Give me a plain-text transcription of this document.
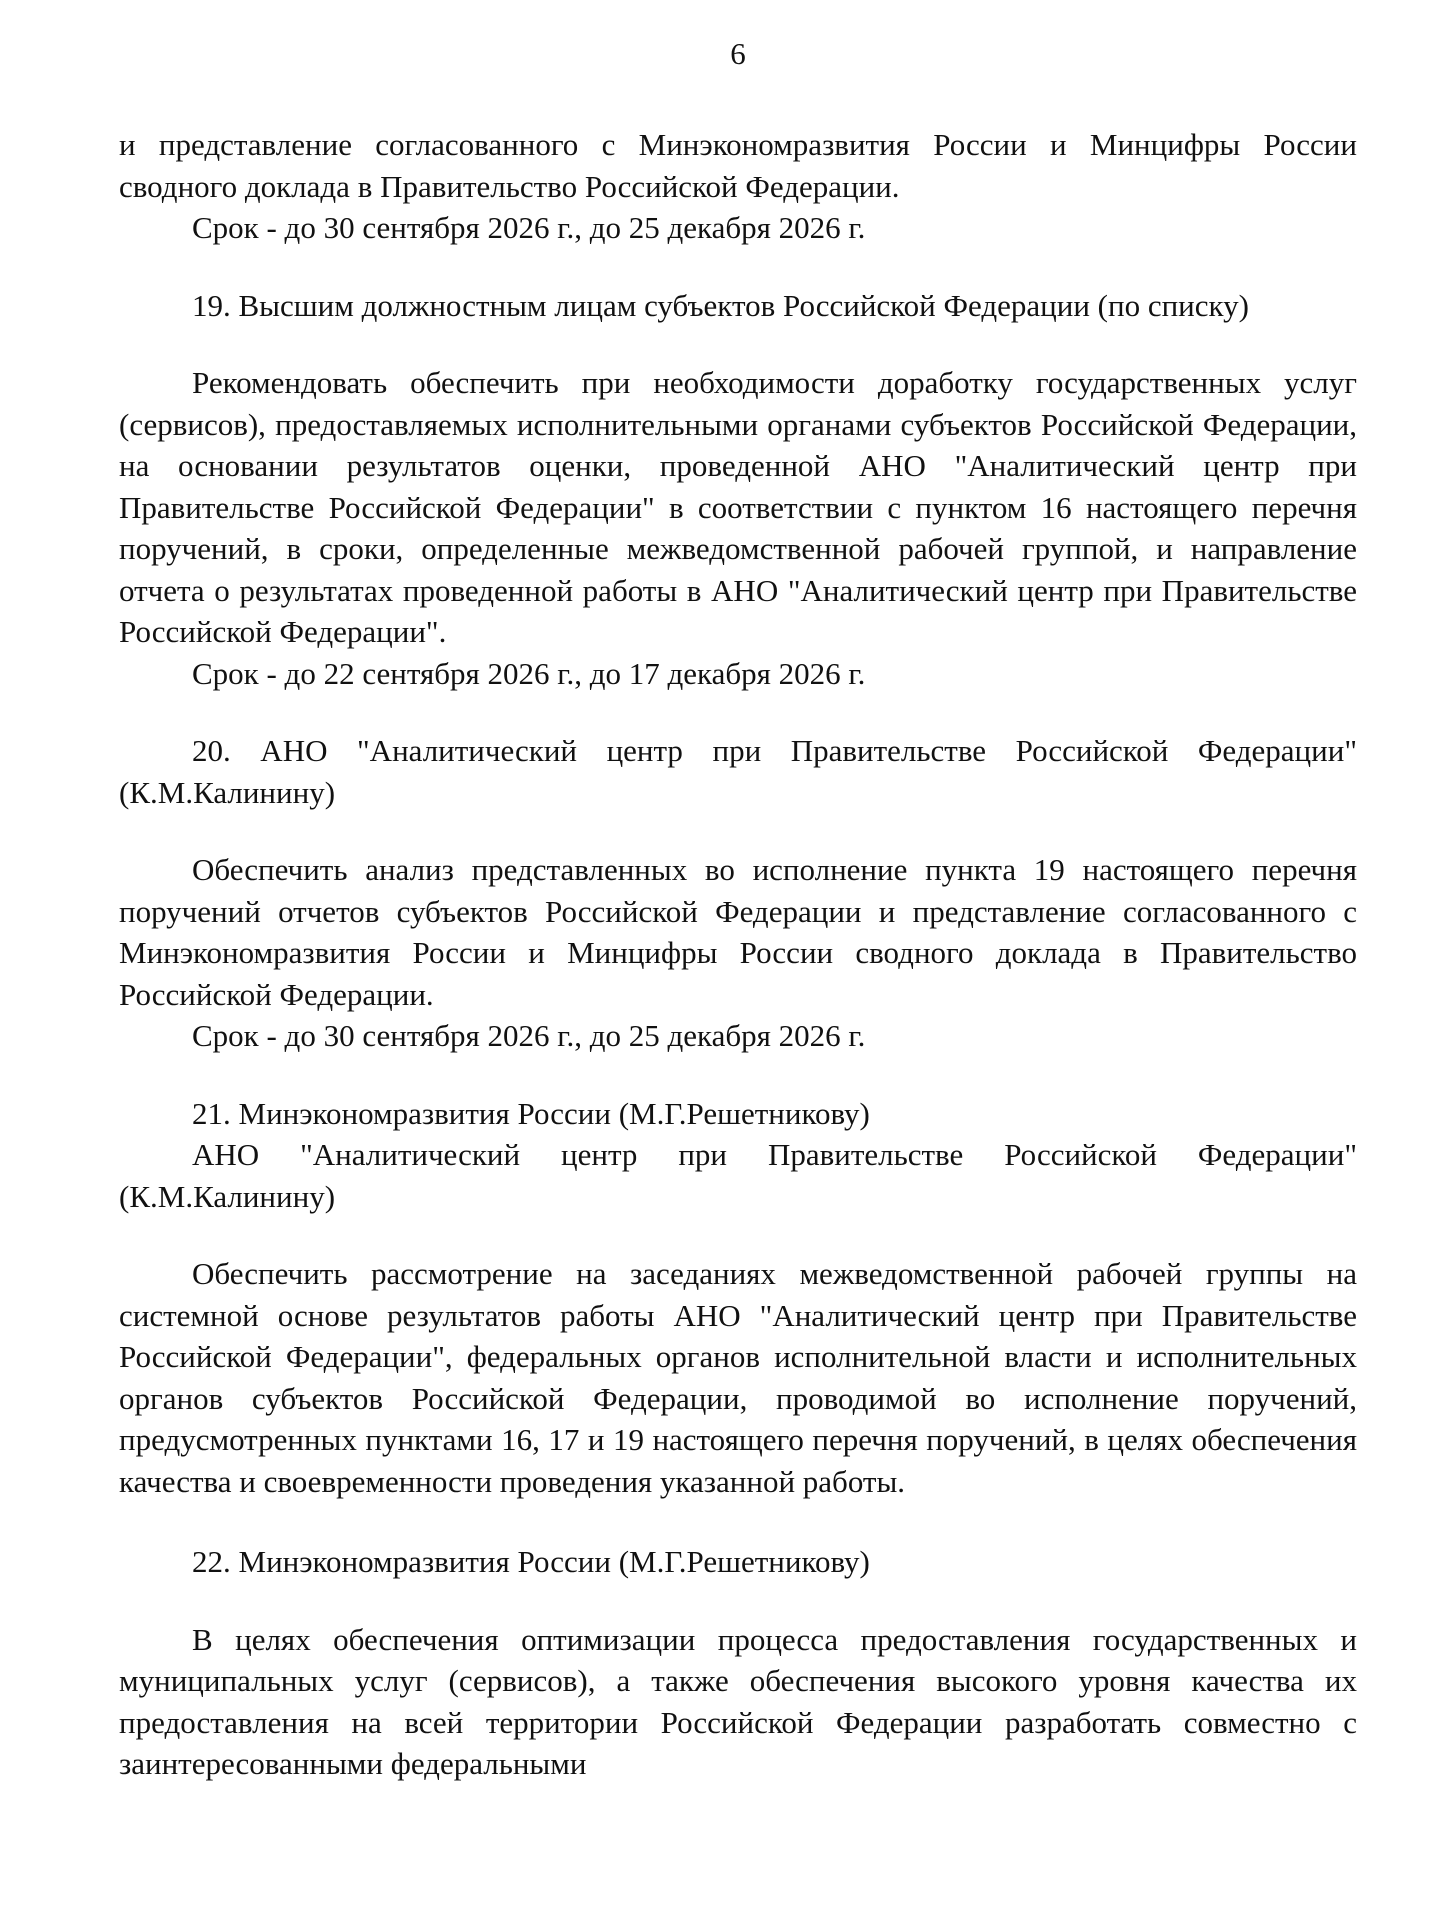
6

и представление согласованного с Минэкономразвития России и Минцифры России сводного доклада в Правительство Российской Федерации.

Срок - до 30 сентября 2026 г., до 25 декабря 2026 г.

19. Высшим должностным лицам субъектов Российской Федерации (по списку)

Рекомендовать обеспечить при необходимости доработку государственных услуг (сервисов), предоставляемых исполнительными органами субъектов Российской Федерации, на основании результатов оценки, проведенной АНО "Аналитический центр при Правительстве Российской Федерации" в соответствии с пунктом 16 настоящего перечня поручений, в сроки, определенные межведомственной рабочей группой, и направление отчета о результатах проведенной работы в АНО "Аналитический центр при Правительстве Российской Федерации".

Срок - до 22 сентября 2026 г., до 17 декабря 2026 г.

20. АНО "Аналитический центр при Правительстве Российской Федерации" (К.М.Калинину)

Обеспечить анализ представленных во исполнение пункта 19 настоящего перечня поручений отчетов субъектов Российской Федерации и представление согласованного с Минэкономразвития России и Минцифры России сводного доклада в Правительство Российской Федерации.

Срок - до 30 сентября 2026 г., до 25 декабря 2026 г.

21. Минэкономразвития России (М.Г.Решетникову)

АНО "Аналитический центр при Правительстве Российской Федерации" (К.М.Калинину)

Обеспечить рассмотрение на заседаниях межведомственной рабочей группы на системной основе результатов работы АНО "Аналитический центр при Правительстве Российской Федерации", федеральных органов исполнительной власти и исполнительных органов субъектов Российской Федерации, проводимой во исполнение поручений, предусмотренных пунктами 16, 17 и 19 настоящего перечня поручений, в целях обеспечения качества и своевременности проведения указанной работы.

22. Минэкономразвития России (М.Г.Решетникову)

В целях обеспечения оптимизации процесса предоставления государственных и муниципальных услуг (сервисов), а также обеспечения высокого уровня качества их предоставления на всей территории Российской Федерации разработать совместно с заинтересованными федеральными
